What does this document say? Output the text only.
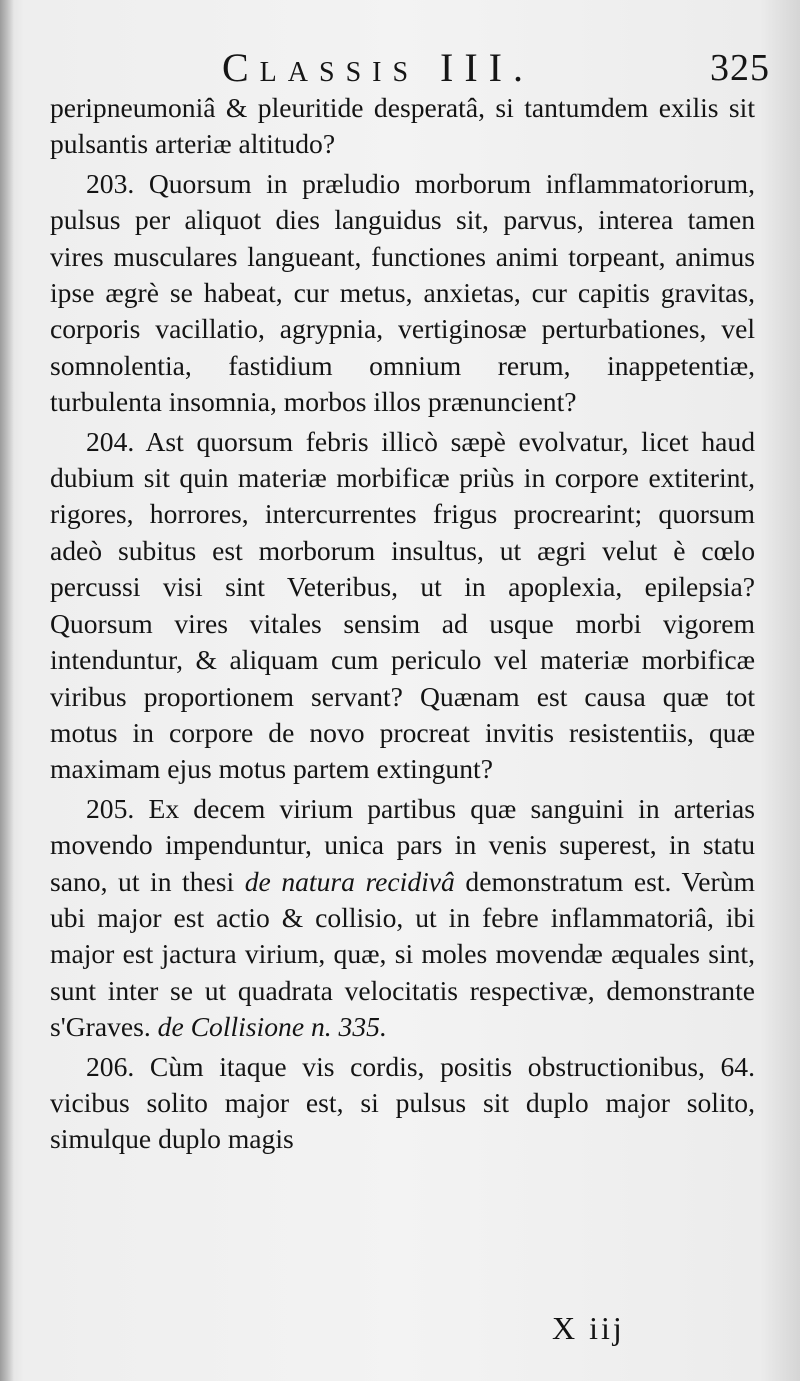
Classis III.	325

peripneumoniâ & pleuritide desperatâ, si tantumdem exilis sit pulsantis arteriæ altitudo?

203. Quorsum in præludio morborum inflammatoriorum, pulsus per aliquot dies languidus sit, parvus, interea tamen vires musculares langueant, functiones animi torpeant, animus ipse ægrè se habeat, cur metus, anxietas, cur capitis gravitas, corporis vacillatio, agrypnia, vertiginosæ perturbationes, vel somnolentia, fastidium omnium rerum, inappetentiæ, turbulenta insomnia, morbos illos prænuncient?

204. Ast quorsum febris illicò sæpè evolvatur, licet haud dubium sit quin materiæ morbificæ priùs in corpore extiterint, rigores, horrores, intercurrentes frigus procrearint; quorsum adeò subitus est morborum insultus, ut ægri velut è cœlo percussi visi sint Veteribus, ut in apoplexia, epilepsia? Quorsum vires vitales sensim ad usque morbi vigorem intenduntur, & aliquam cum periculo vel materiæ morbificæ viribus proportionem servant? Quænam est causa quæ tot motus in corpore de novo procreat invitis resistentiis, quæ maximam ejus motus partem extingunt?

205. Ex decem virium partibus quæ sanguini in arterias movendo impenduntur, unica pars in venis superest, in statu sano, ut in thesi de natura recidivâ demonstratum est. Verùm ubi major est actio & collisio, ut in febre inflammatoriâ, ibi major est jactura virium, quæ, si moles movendæ æquales sint, sunt inter se ut quadrata velocitatis respectivæ, demonstrante s'Graves. de Collisione n. 335.

206. Cùm itaque vis cordis, positis obstructionibus, 64. vicibus solito major est, si pulsus sit duplo major solito, simulque duplo magis

X iij
